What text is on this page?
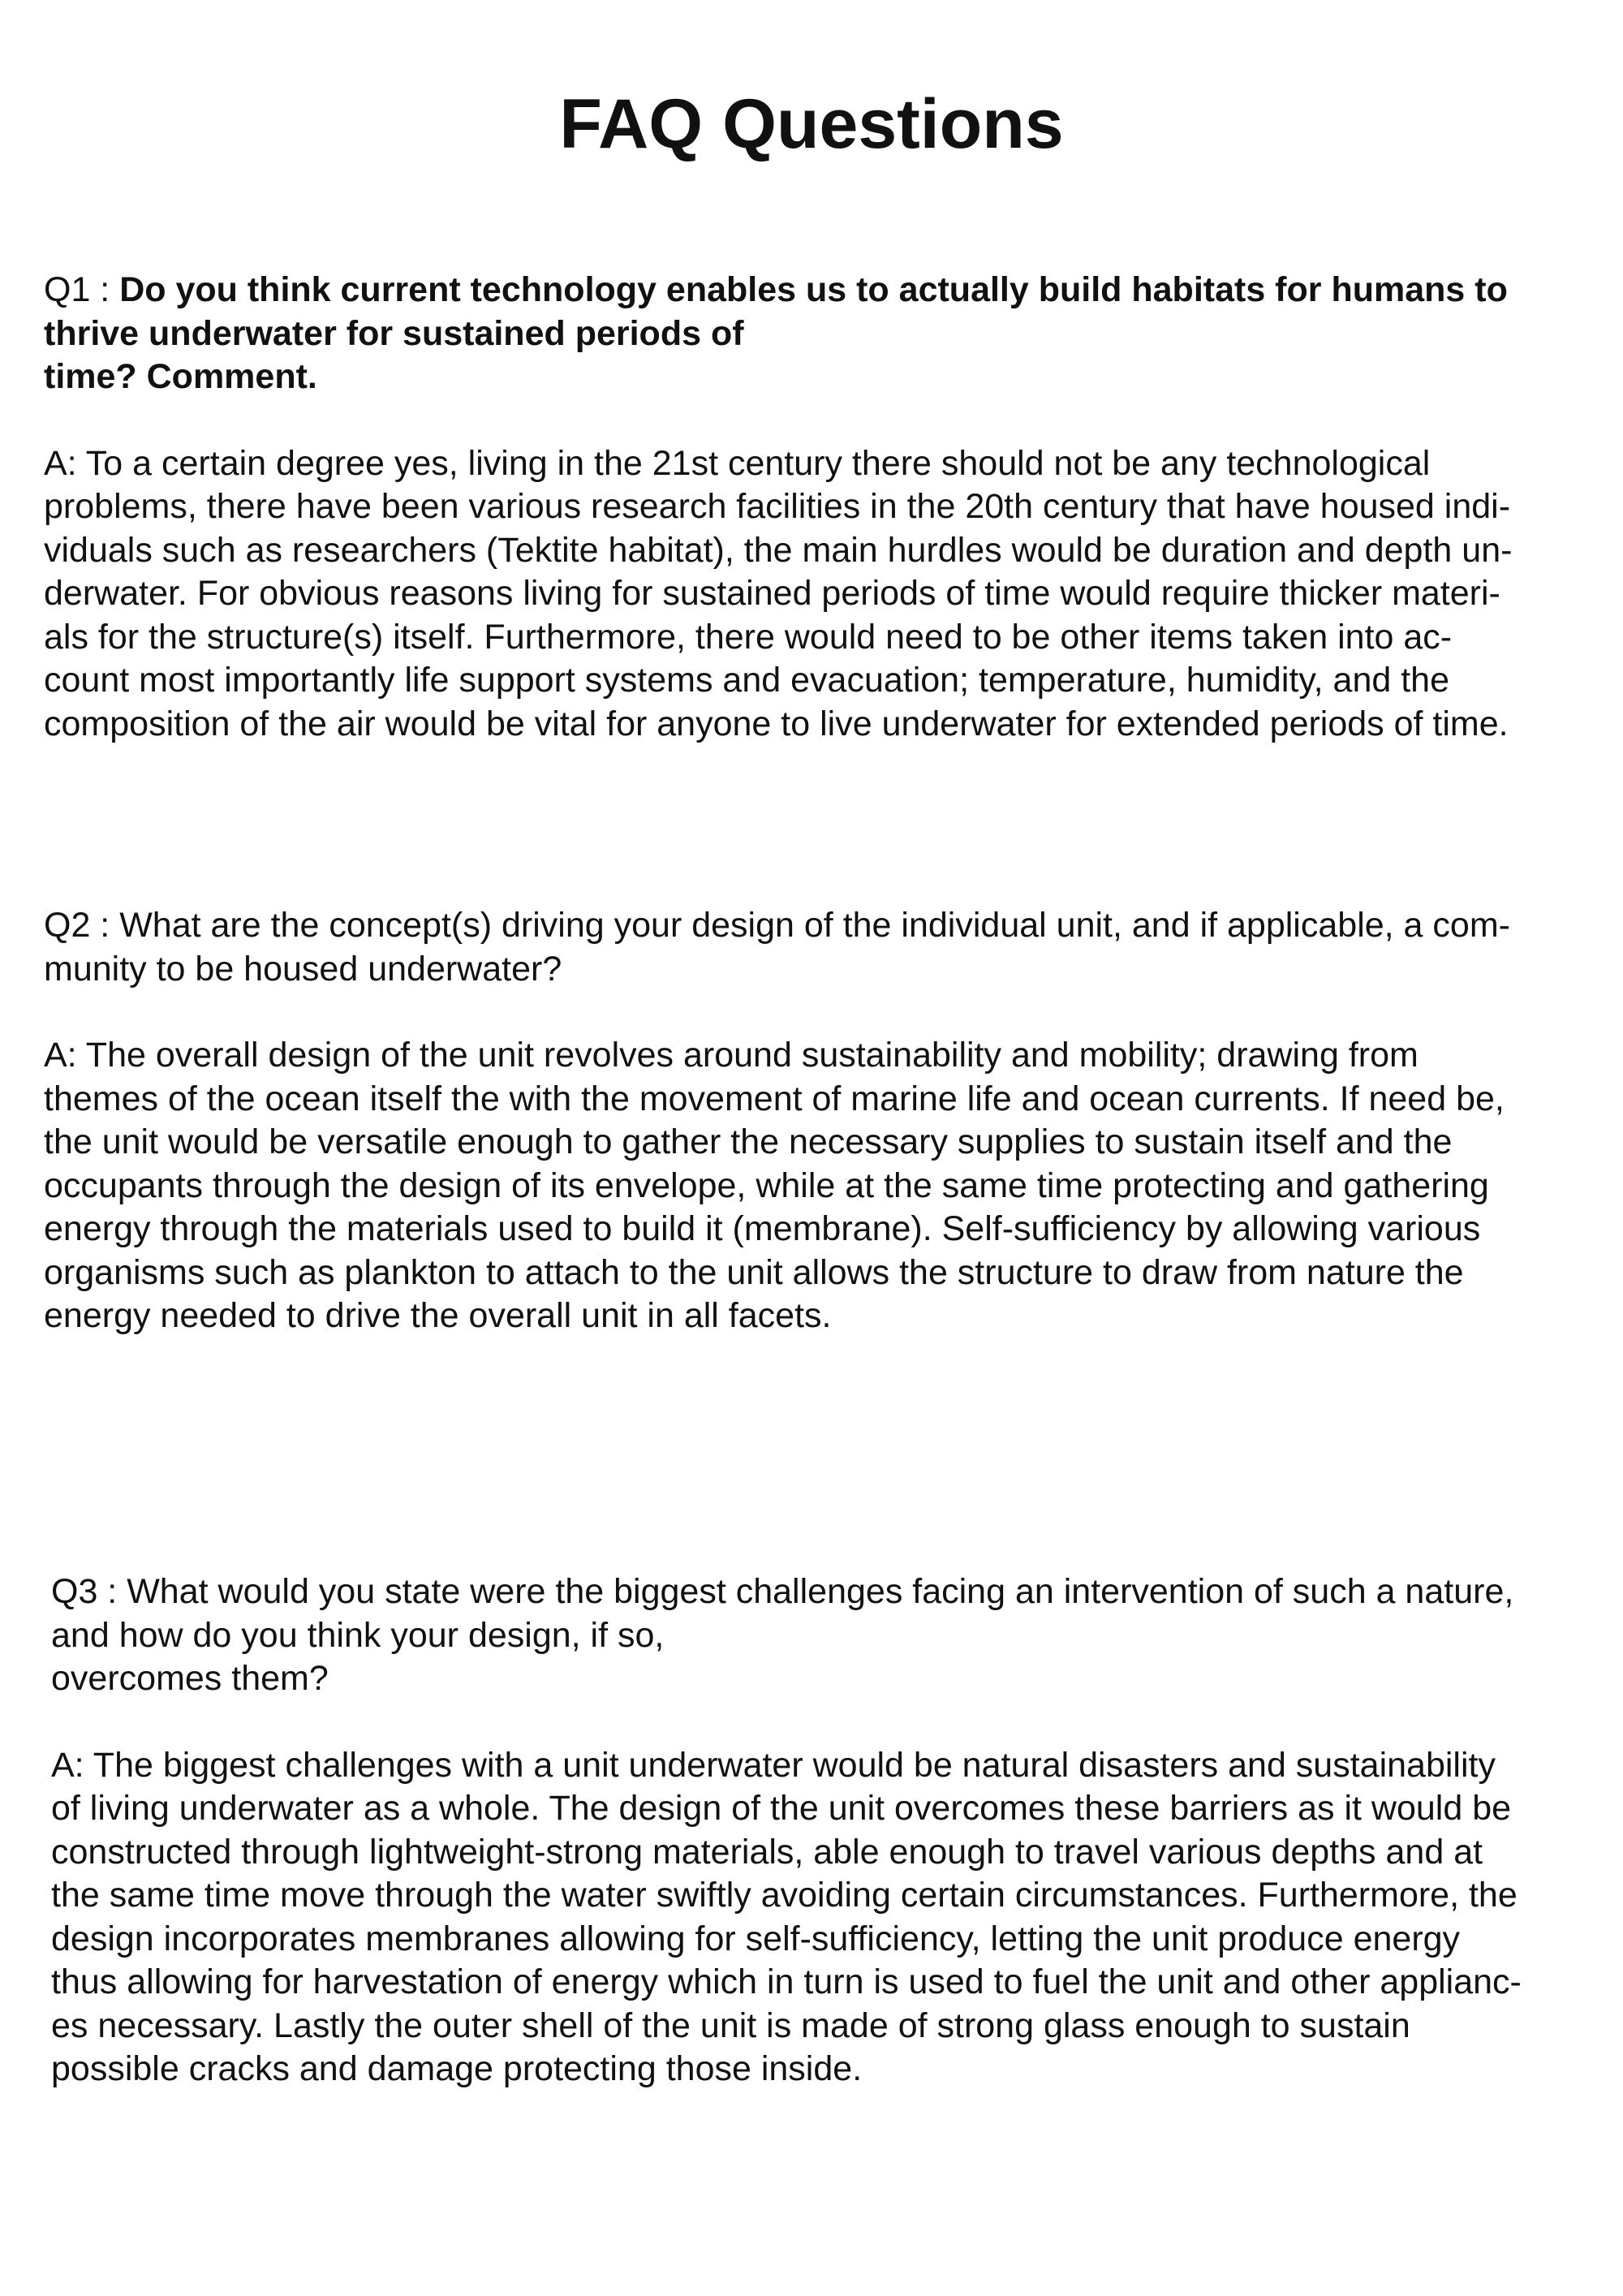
FAQ Questions

Q1 : Do you think current technology enables us to actually build habitats for humans to
thrive underwater for sustained periods of
time? Comment.

A: To a certain degree yes, living in the 21st century there should not be any technological
problems, there have been various research facilities in the 20th century that have housed indi-
viduals such as researchers (Tektite habitat), the main hurdles would be duration and depth un-
derwater. For obvious reasons living for sustained periods of time would require thicker materi-
als for the structure(s) itself. Furthermore, there would need to be other items taken into ac-
count most importantly life support systems and evacuation; temperature, humidity, and the
composition of the air would be vital for anyone to live underwater for extended periods of time.

Q2 : What are the concept(s) driving your design of the individual unit, and if applicable, a com-
munity to be housed underwater?

A: The overall design of the unit revolves around sustainability and mobility; drawing from
themes of the ocean itself the with the movement of marine life and ocean currents. If need be,
the unit would be versatile enough to gather the necessary supplies to sustain itself and the
occupants through the design of its envelope, while at the same time protecting and gathering
energy through the materials used to build it (membrane). Self-sufficiency by allowing various
organisms such as plankton to attach to the unit allows the structure to draw from nature the
energy needed to drive the overall unit in all facets.

Q3 : What would you state were the biggest challenges facing an intervention of such a nature,
and how do you think your design, if so,
overcomes them?

A: The biggest challenges with a unit underwater would be natural disasters and sustainability
of living underwater as a whole. The design of the unit overcomes these barriers as it would be
constructed through lightweight-strong materials, able enough to travel various depths and at
the same time move through the water swiftly avoiding certain circumstances. Furthermore, the
design incorporates membranes allowing for self-sufficiency, letting the unit produce energy
thus allowing for harvestation of energy which in turn is used to fuel the unit and other applianc-
es necessary. Lastly the outer shell of the unit is made of strong glass enough to sustain
possible cracks and damage protecting those inside.
